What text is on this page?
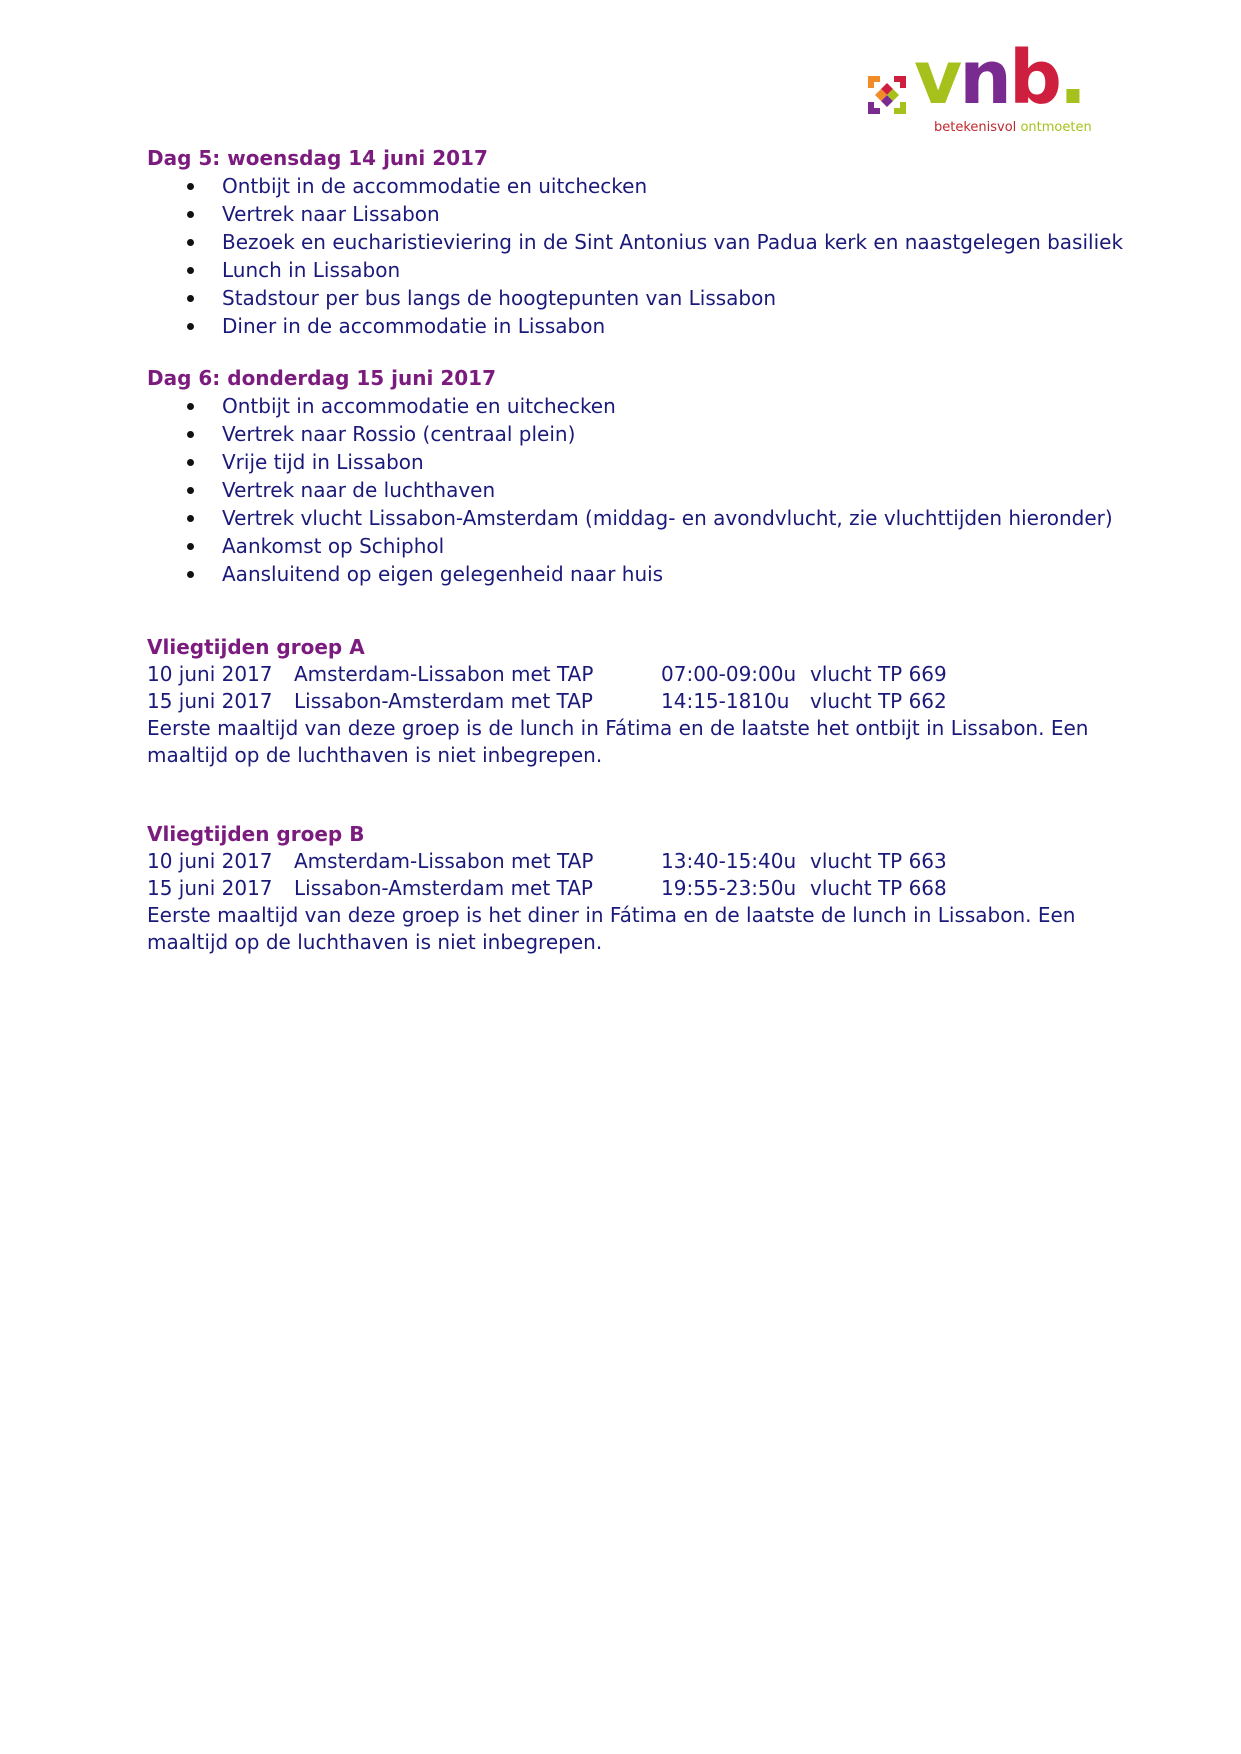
vnb.
betekenisvol ontmoeten
Dag 5: woensdag 14 juni 2017
Ontbijt in de accommodatie en uitchecken
Vertrek naar Lissabon
Bezoek en eucharistieviering in de Sint Antonius van Padua kerk en naastgelegen basiliek
Lunch in Lissabon
Stadstour per bus langs de hoogtepunten van Lissabon
Diner in de accommodatie in Lissabon
Dag 6: donderdag 15 juni 2017
Ontbijt in accommodatie en uitchecken
Vertrek naar Rossio (centraal plein)
Vrije tijd in Lissabon
Vertrek naar de luchthaven
Vertrek vlucht Lissabon-Amsterdam (middag- en avondvlucht, zie vluchttijden hieronder)
Aankomst op Schiphol
Aansluitend op eigen gelegenheid naar huis
Vliegtijden groep A
10 juni 2017 Amsterdam-Lissabon met TAP	07:00-09:00u vlucht TP 669
15 juni 2017 Lissabon-Amsterdam met TAP	14:15-1810u vlucht TP 662

Eerste maaltijd van deze groep is de lunch in Fátima en de laatste het ontbijt in Lissabon. Een maaltijd op de luchthaven is niet inbegrepen.

Vliegtijden groep B
10 juni 2017 Amsterdam-Lissabon met TAP	13:40-15:40u vlucht TP 663
15 juni 2017 Lissabon-Amsterdam met TAP	19:55-23:50u vlucht TP 668

Eerste maaltijd van deze groep is het diner in Fátima en de laatste de lunch in Lissabon. Een maaltijd op de luchthaven is niet inbegrepen.
